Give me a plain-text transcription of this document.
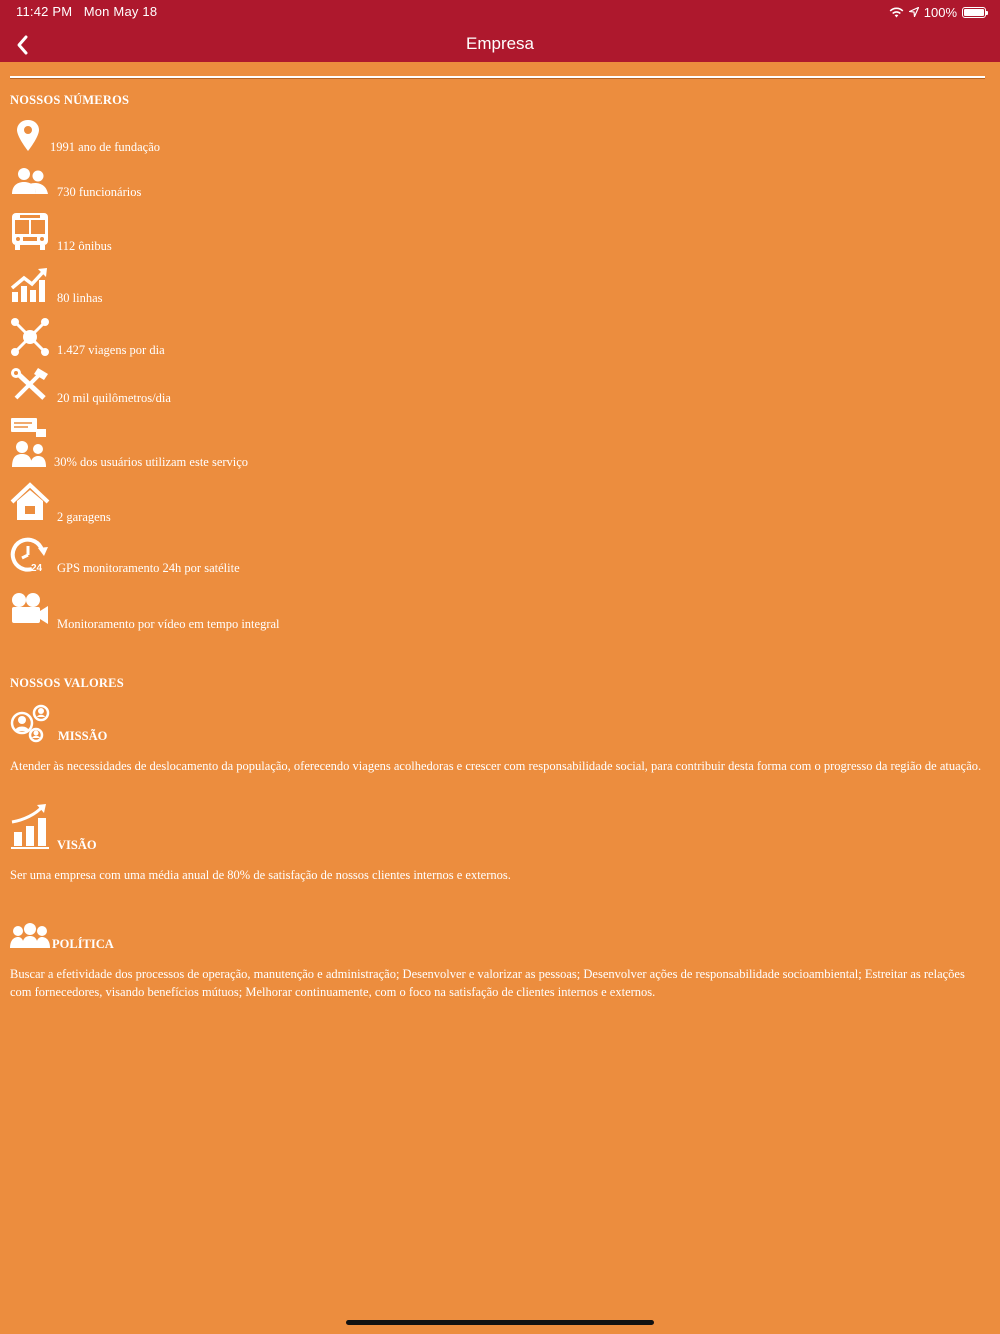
11:42 PM Mon May 18	100%
Empresa
NOSSOS NÚMEROS
1991 ano de fundação
730 funcionários
112 ônibus
80 linhas
1.427 viagens por dia
20 mil quilômetros/dia
30% dos usuários utilizam este serviço
2 garagens
24 GPS monitoramento 24h por satélite
Monitoramento por vídeo em tempo integral
NOSSOS VALORES
MISSÃO
Atender às necessidades de deslocamento da população, oferecendo viagens acolhedoras e crescer com responsabilidade social, para contribuir desta forma com o progresso da região de atuação.
VISÃO
Ser uma empresa com uma média anual de 80% de satisfação de nossos clientes internos e externos.
POLÍTICA
Buscar a efetividade dos processos de operação, manutenção e administração; Desenvolver e valorizar as pessoas; Desenvolver ações de responsabilidade socioambiental; Estreitar as relações com fornecedores, visando benefícios mútuos; Melhorar continuamente, com o foco na satisfação de clientes internos e externos.
